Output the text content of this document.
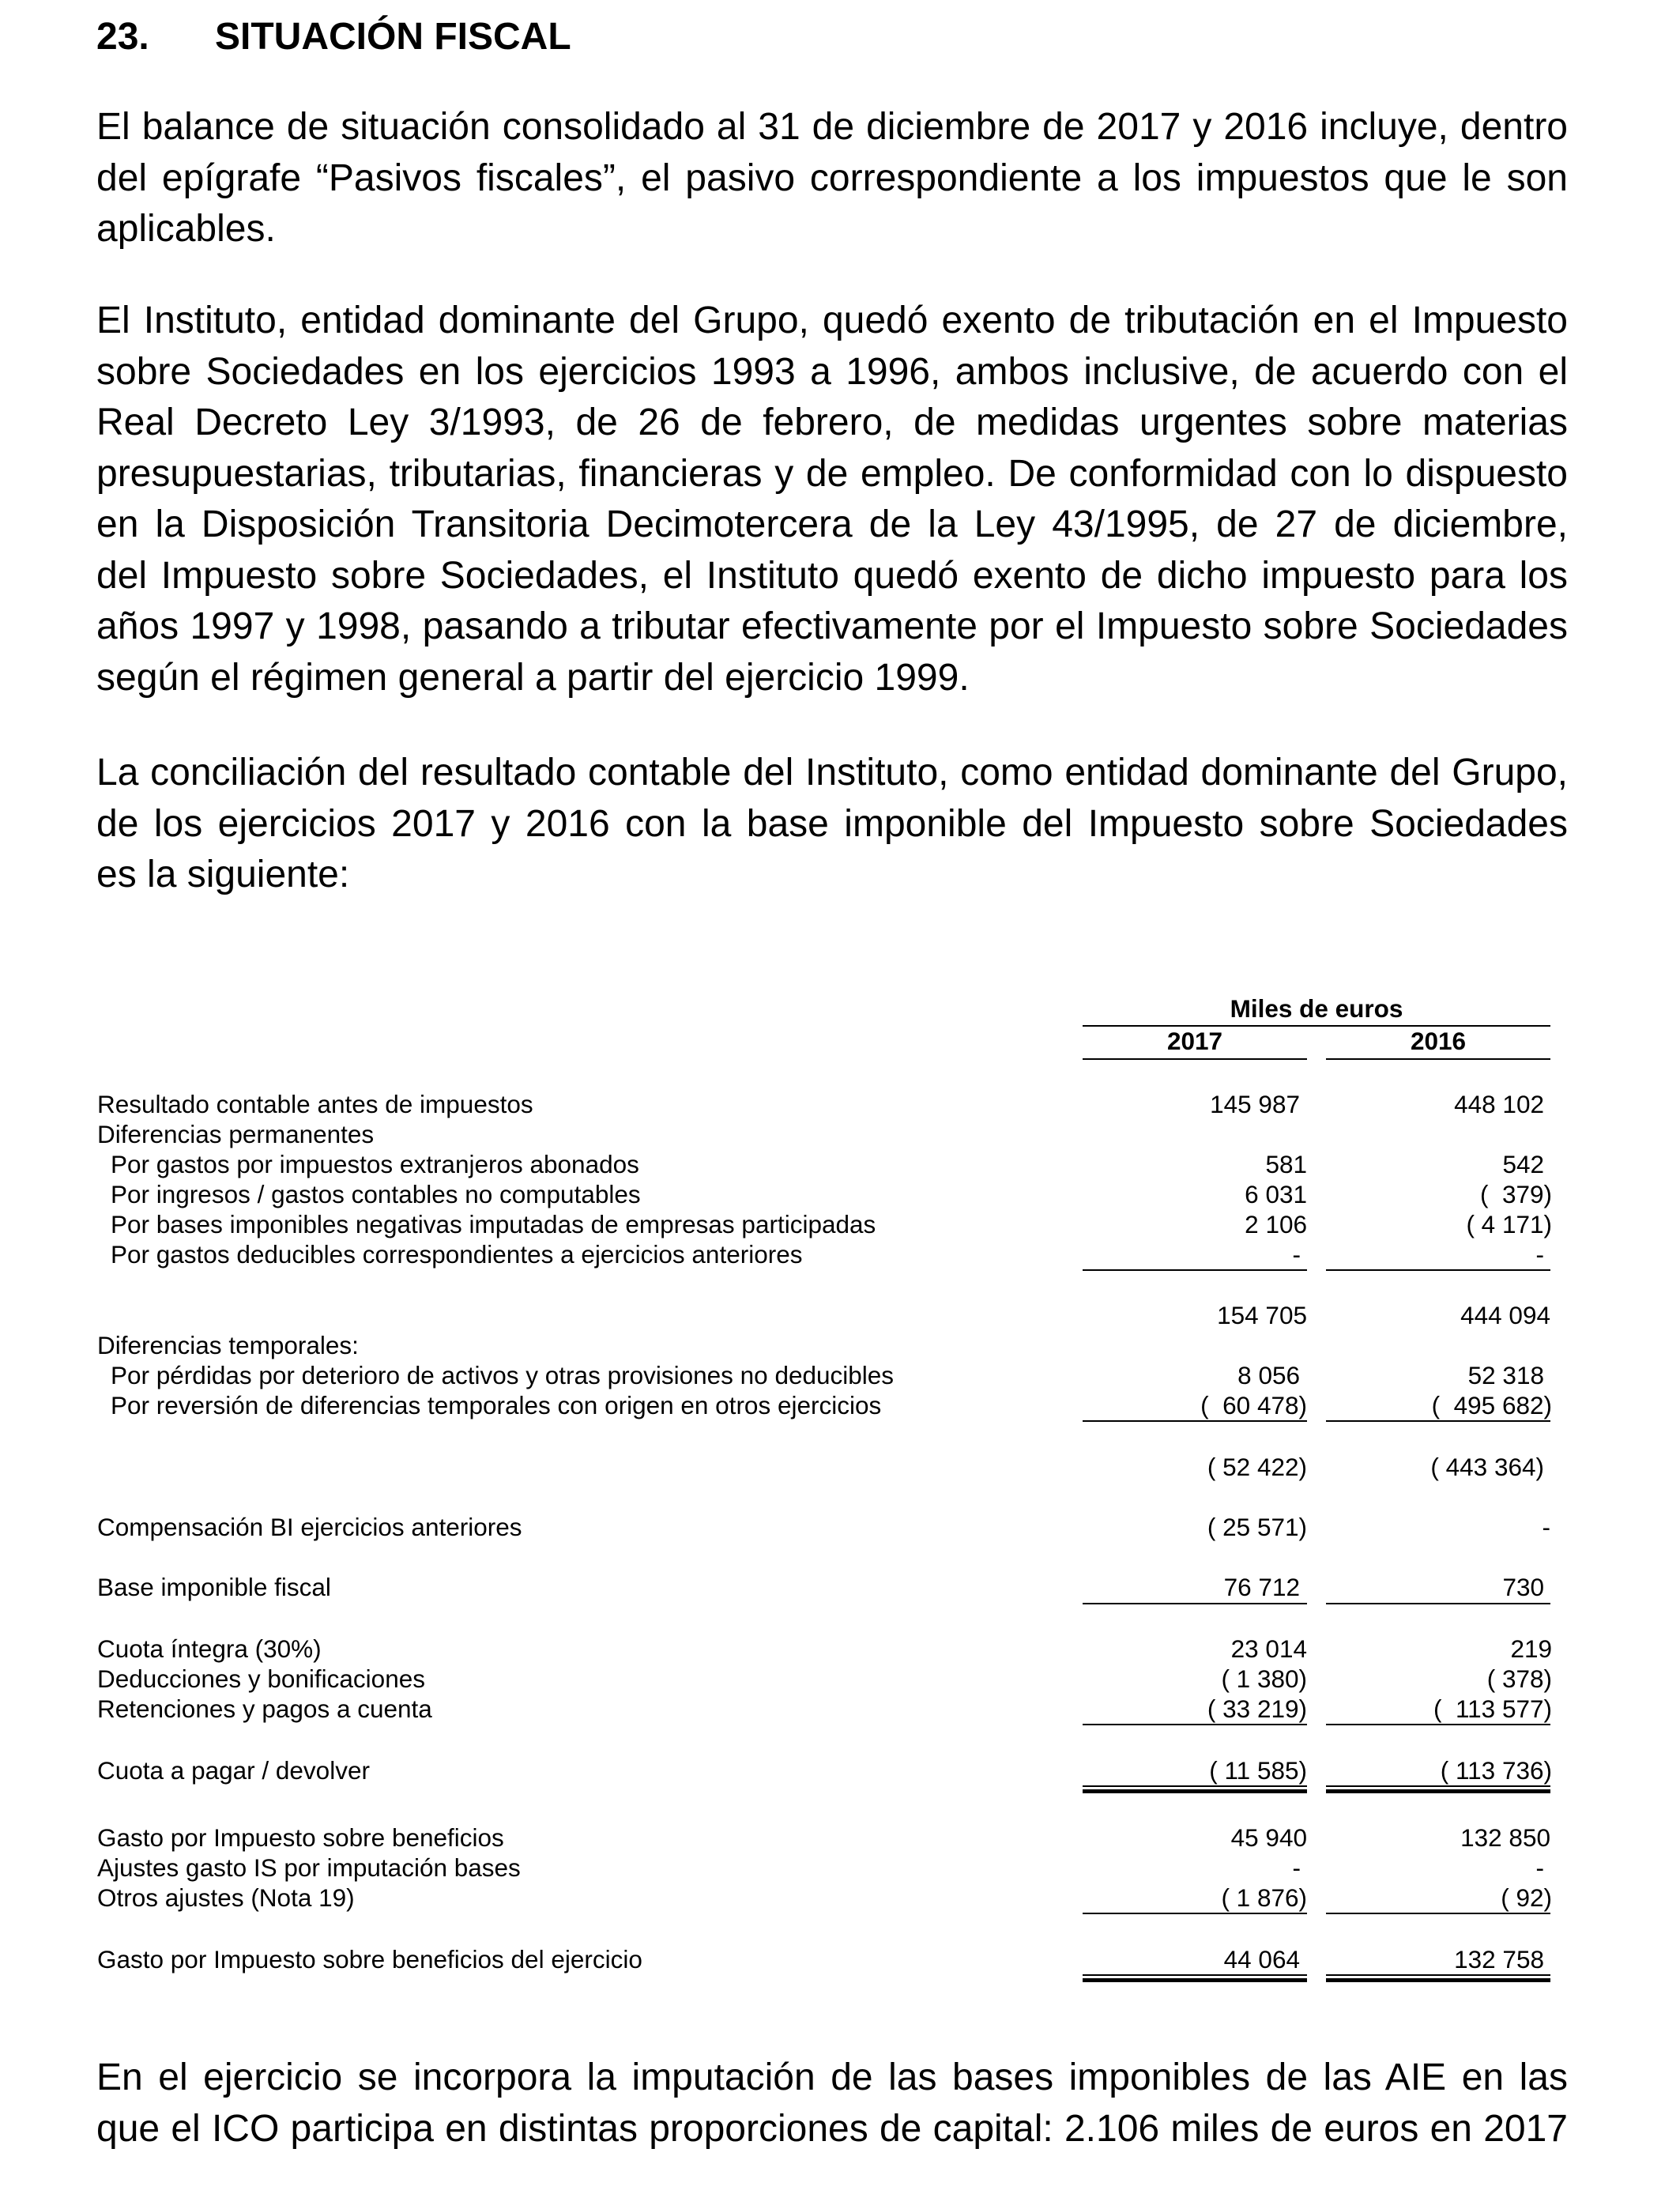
23. SITUACIÓN FISCAL
El balance de situación consolidado al 31 de diciembre de 2017 y 2016 incluye, dentro
del epígrafe “Pasivos fiscales”, el pasivo correspondiente a los impuestos que le son
aplicables.
El Instituto, entidad dominante del Grupo, quedó exento de tributación en el Impuesto
sobre Sociedades en los ejercicios 1993 a 1996, ambos inclusive, de acuerdo con el
Real Decreto Ley 3/1993, de 26 de febrero, de medidas urgentes sobre materias
presupuestarias, tributarias, financieras y de empleo. De conformidad con lo dispuesto
en la Disposición Transitoria Decimotercera de la Ley 43/1995, de 27 de diciembre,
del Impuesto sobre Sociedades, el Instituto quedó exento de dicho impuesto para los
años 1997 y 1998, pasando a tributar efectivamente por el Impuesto sobre Sociedades
según el régimen general a partir del ejercicio 1999.
La conciliación del resultado contable del Instituto, como entidad dominante del Grupo,
de los ejercicios 2017 y 2016 con la base imponible del Impuesto sobre Sociedades
es la siguiente:
Miles de euros
2017	2016
Resultado contable antes de impuestos	145 987	448 102
Diferencias permanentes
Por gastos por impuestos extranjeros abonados	581	542
Por ingresos / gastos contables no computables	6 031	(  379)
Por bases imponibles negativas imputadas de empresas participadas	2 106	( 4 171)
Por gastos deducibles correspondientes a ejercicios anteriores	-	-
154 705	444 094
Diferencias temporales:
Por pérdidas por deterioro de activos y otras provisiones no deducibles	8 056	52 318
Por reversión de diferencias temporales con origen en otros ejercicios	(  60 478)	(  495 682)
( 52 422)	( 443 364)
Compensación BI ejercicios anteriores	( 25 571)	-
Base imponible fiscal	76 712	730
Cuota íntegra (30%)	23 014	219
Deducciones y bonificaciones	( 1 380)	( 378)
Retenciones y pagos a cuenta	( 33 219)	(  113 577)
Cuota a pagar / devolver	( 11 585)	( 113 736)
Gasto por Impuesto sobre beneficios	45 940	132 850
Ajustes gasto IS por imputación bases	-	-
Otros ajustes (Nota 19)	( 1 876)	( 92)
Gasto por Impuesto sobre beneficios del ejercicio	44 064	132 758
En el ejercicio se incorpora la imputación de las bases imponibles de las AIE en las
que el ICO participa en distintas proporciones de capital: 2.106 miles de euros en 2017
